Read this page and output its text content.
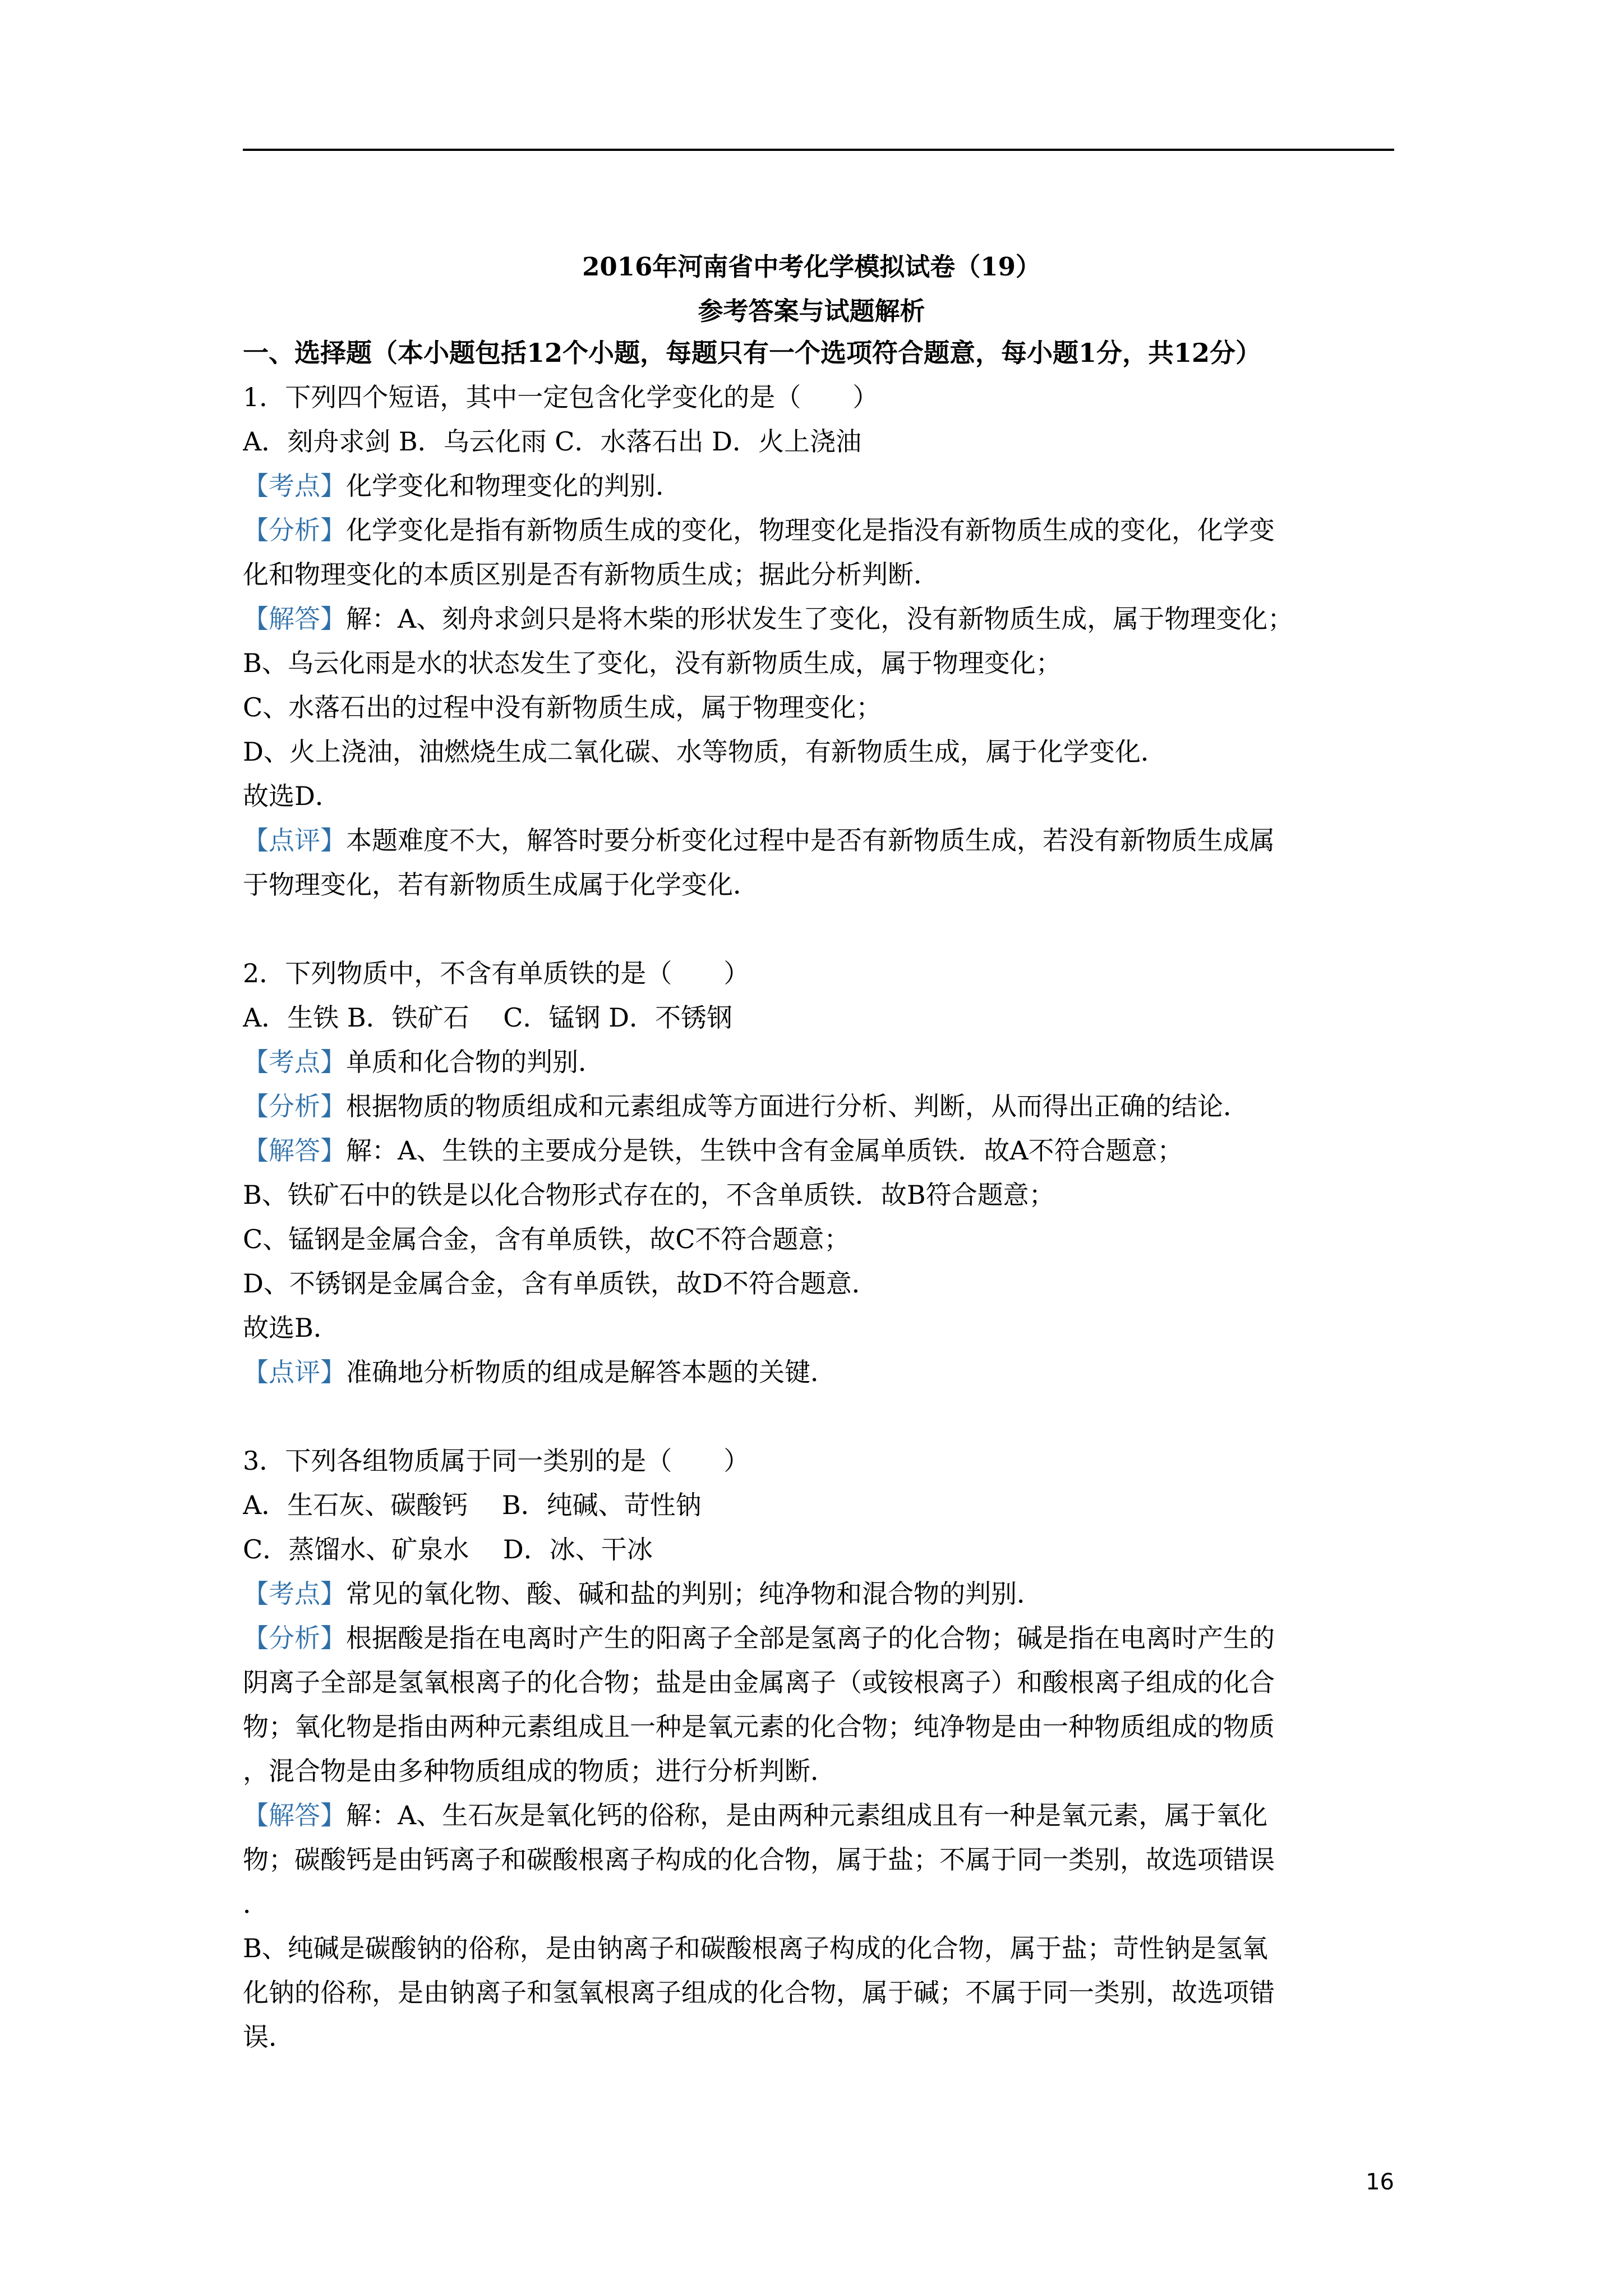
2016年河南省中考化学模拟试卷（19）
参考答案与试题解析
一、选择题（本小题包括12个小题，每题只有一个选项符合题意，每小题1分，共12分）
1．下列四个短语，其中一定包含化学变化的是（　　）
A．刻舟求剑 B．乌云化雨 C．水落石出 D．火上浇油
【考点】化学变化和物理变化的判别．
【分析】化学变化是指有新物质生成的变化，物理变化是指没有新物质生成的变化，化学变
化和物理变化的本质区别是否有新物质生成；据此分析判断．
【解答】解：A、刻舟求剑只是将木柴的形状发生了变化，没有新物质生成，属于物理变化；
B、乌云化雨是水的状态发生了变化，没有新物质生成，属于物理变化；
C、水落石出的过程中没有新物质生成，属于物理变化；
D、火上浇油，油燃烧生成二氧化碳、水等物质，有新物质生成，属于化学变化．
故选D．
【点评】本题难度不大，解答时要分析变化过程中是否有新物质生成，若没有新物质生成属
于物理变化，若有新物质生成属于化学变化．
2．下列物质中，不含有单质铁的是（　　）
A．生铁 B．铁矿石　 C．锰钢 D．不锈钢
【考点】单质和化合物的判别．
【分析】根据物质的物质组成和元素组成等方面进行分析、判断，从而得出正确的结论．
【解答】解：A、生铁的主要成分是铁，生铁中含有金属单质铁．故A不符合题意；
B、铁矿石中的铁是以化合物形式存在的，不含单质铁．故B符合题意；
C、锰钢是金属合金，含有单质铁，故C不符合题意；
D、不锈钢是金属合金，含有单质铁，故D不符合题意．
故选B．
【点评】准确地分析物质的组成是解答本题的关键．
3．下列各组物质属于同一类别的是（　　）
A．生石灰、碳酸钙　 B．纯碱、苛性钠
C．蒸馏水、矿泉水　 D．冰、干冰
【考点】常见的氧化物、酸、碱和盐的判别；纯净物和混合物的判别．
【分析】根据酸是指在电离时产生的阳离子全部是氢离子的化合物；碱是指在电离时产生的
阴离子全部是氢氧根离子的化合物；盐是由金属离子（或铵根离子）和酸根离子组成的化合
物；氧化物是指由两种元素组成且一种是氧元素的化合物；纯净物是由一种物质组成的物质
，混合物是由多种物质组成的物质；进行分析判断．
【解答】解：A、生石灰是氧化钙的俗称，是由两种元素组成且有一种是氧元素，属于氧化
物；碳酸钙是由钙离子和碳酸根离子构成的化合物，属于盐；不属于同一类别，故选项错误
．
B、纯碱是碳酸钠的俗称，是由钠离子和碳酸根离子构成的化合物，属于盐；苛性钠是氢氧
化钠的俗称，是由钠离子和氢氧根离子组成的化合物，属于碱；不属于同一类别，故选项错
误．
16
